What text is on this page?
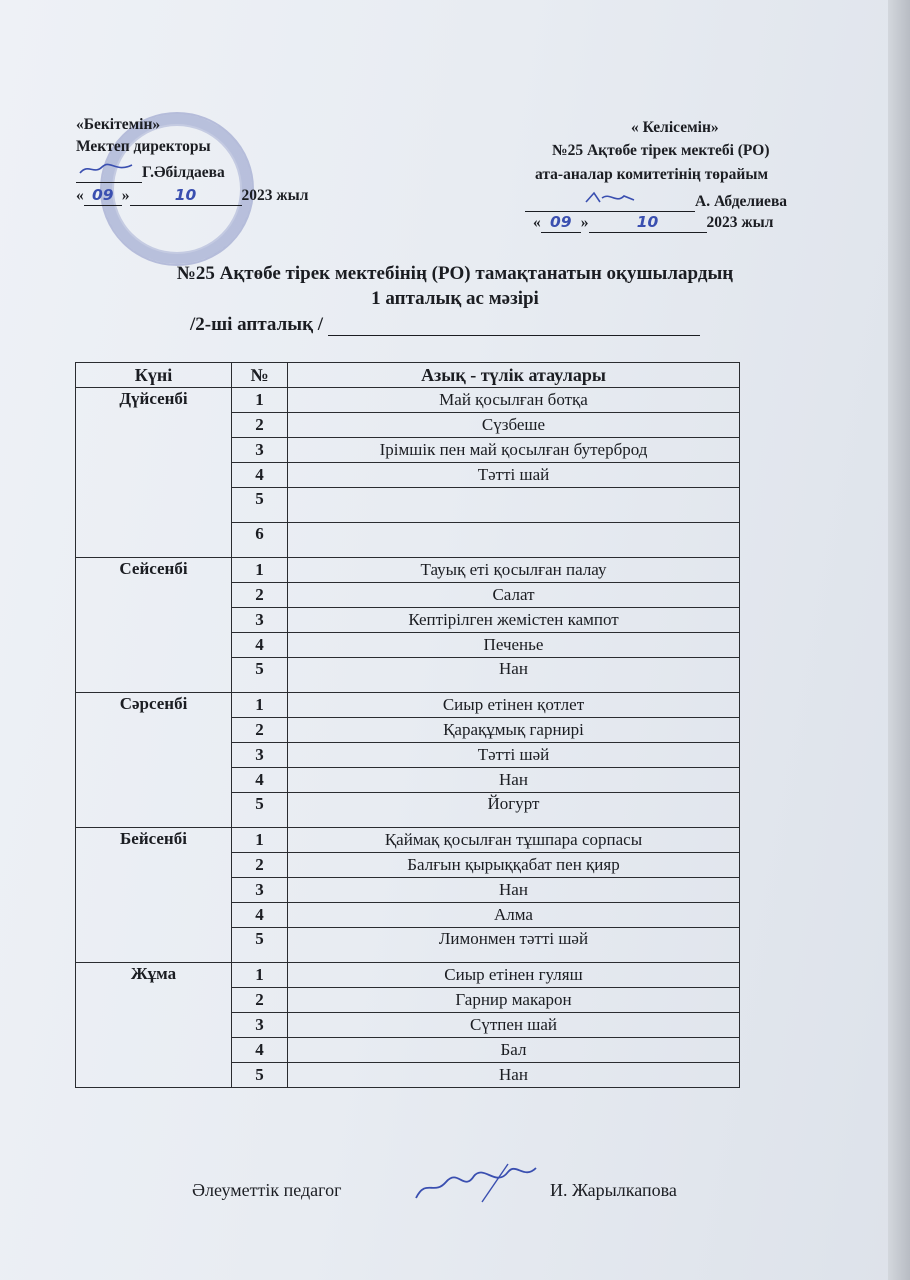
«Бекітемін»
Мектеп директоры
Г.Әбілдаева
« 09 »	10	2023 жыл
« Келісемін»
№25 Ақтөбе тірек мектебі (РО)
ата-аналар комитетінің төрайым
А. Абделиева
« 09 »	10	2023 жыл
№25 Ақтөбе тірек мектебінің (РО) тамақтанатын оқушылардың
1 апталық ас мәзірі
/2-ші апталық /
Күні	№	Азық - түлік атаулары
Дүйсенбі	1	Май қосылған ботқа
	2	Сүзбеше
	3	Ірімшік пен май қосылған бутерброд
	4	Тәтті шай
	5	
	6	
Сейсенбі	1	Тауық еті қосылған палау
	2	Салат
	3	Кептірілген жемістен кампот
	4	Печенье
	5	Нан
Сәрсенбі	1	Сиыр етінен қотлет
	2	Қарақұмық гарнирі
	3	Тәтті шәй
	4	Нан
	5	Йогурт
Бейсенбі	1	Қаймақ қосылған тұшпара сорпасы
	2	Балғын қырыққабат пен қияр
	3	Нан
	4	Алма
	5	Лимонмен тәтті шәй
Жұма	1	Сиыр етінен гуляш
	2	Гарнир макарон
	3	Сүтпен шай
	4	Бал
	5	Нан
Әлеуметтік педагог	И. Жарылкапова
